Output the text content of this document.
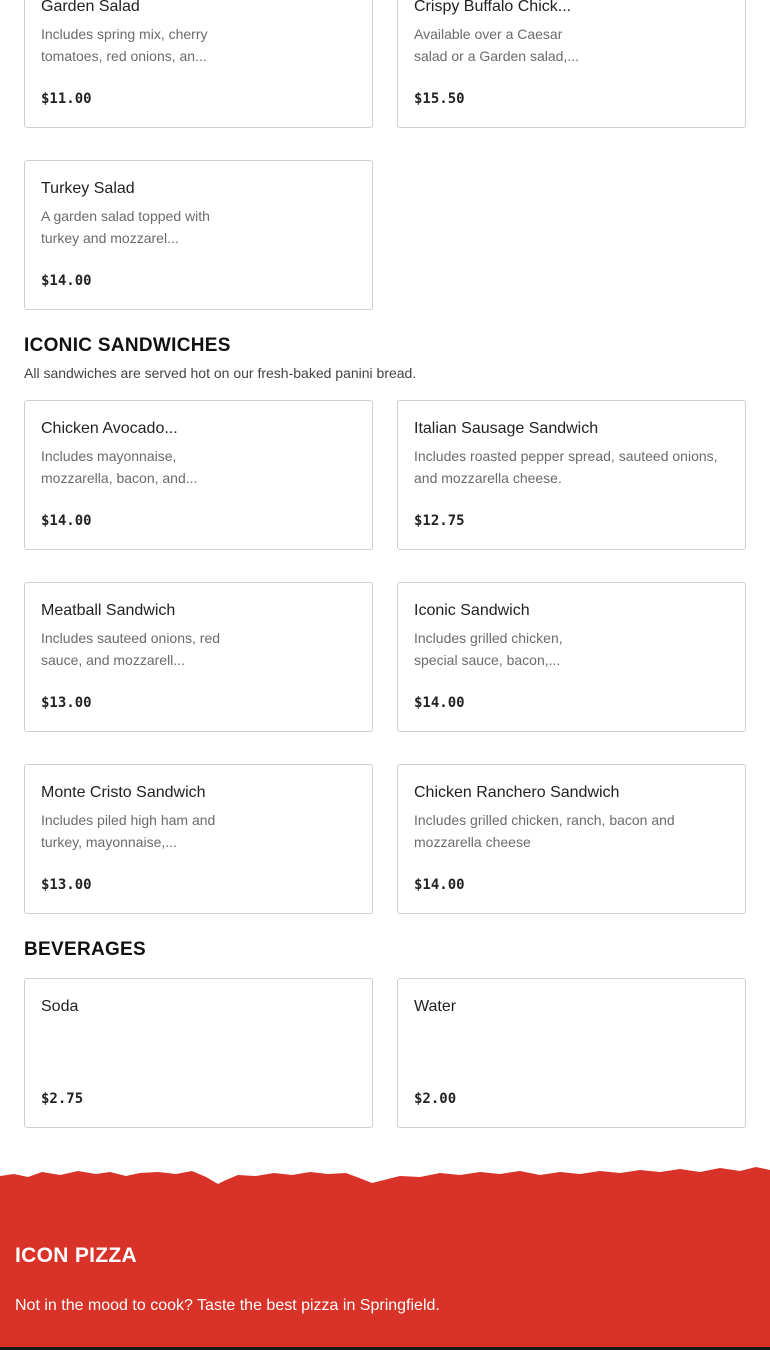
Garden Salad
Includes spring mix, cherry tomatoes, red onions, an...
$11.00
Crispy Buffalo Chick...
Available over a Caesar salad or a Garden salad,...
$15.50
Turkey Salad
A garden salad topped with turkey and mozzarel...
$14.00
ICONIC SANDWICHES
All sandwiches are served hot on our fresh-baked panini bread.
Chicken Avocado...
Includes mayonnaise, mozzarella, bacon, and...
$14.00
Italian Sausage Sandwich
Includes roasted pepper spread, sauteed onions, and mozzarella cheese.
$12.75
Meatball Sandwich
Includes sauteed onions, red sauce, and mozzarell...
$13.00
Iconic Sandwich
Includes grilled chicken, special sauce, bacon,...
$14.00
Monte Cristo Sandwich
Includes piled high ham and turkey, mayonnaise,...
$13.00
Chicken Ranchero Sandwich
Includes grilled chicken, ranch, bacon and mozzarella cheese
$14.00
BEVERAGES
Soda
$2.75
Water
$2.00
ICON PIZZA
Not in the mood to cook? Taste the best pizza in Springfield.
